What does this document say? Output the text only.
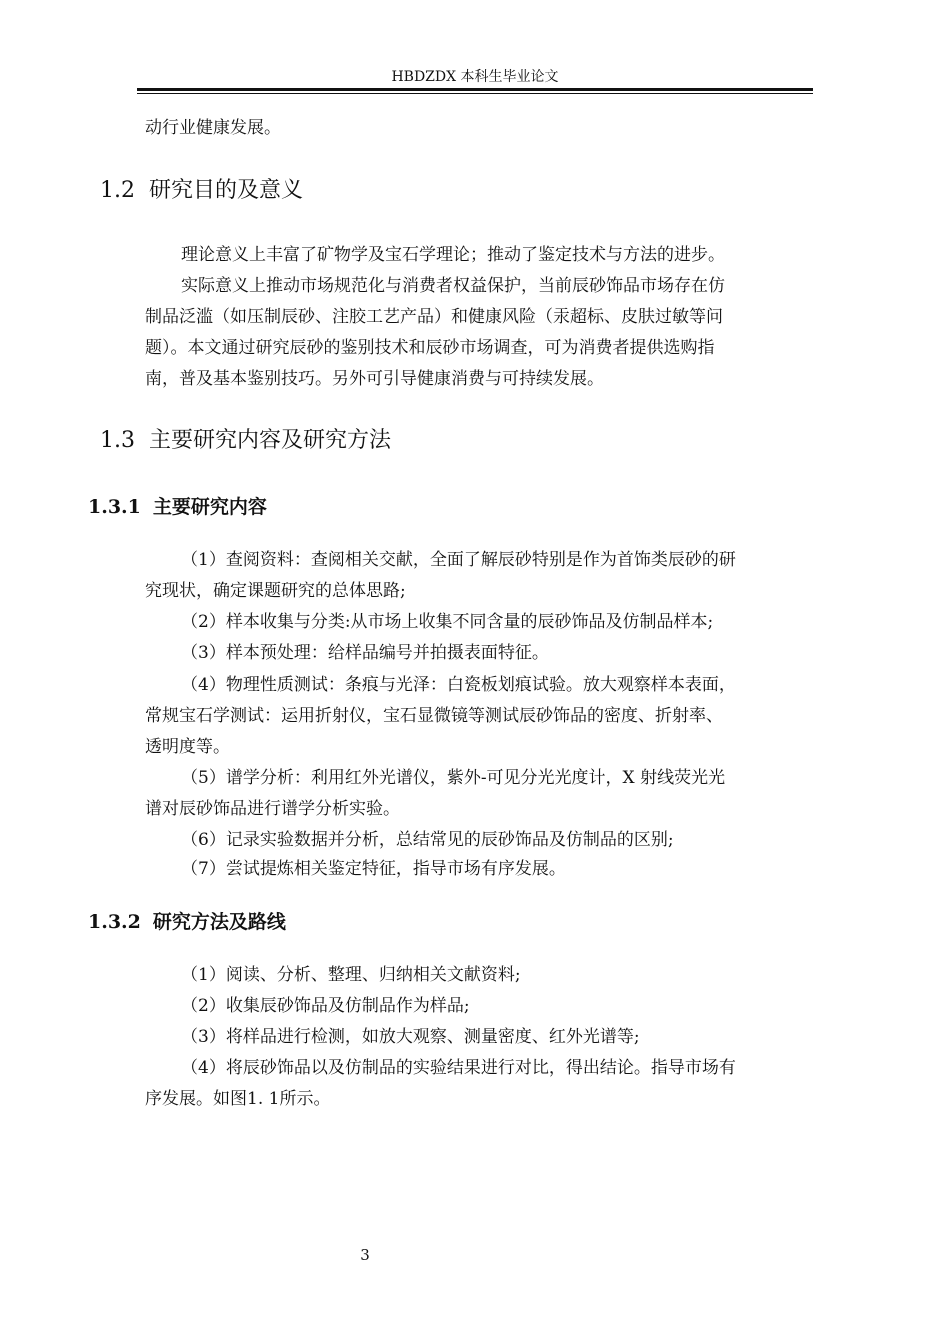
HBDZDX 本科生毕业论文
动行业健康发展。
1.2 研究目的及意义
理论意义上丰富了矿物学及宝石学理论；推动了鉴定技术与方法的进步。
实际意义上推动市场规范化与消费者权益保护，当前辰砂饰品市场存在仿
制品泛滥（如压制辰砂、注胶工艺产品）和健康风险（汞超标、皮肤过敏等问
题）。本文通过研究辰砂的鉴别技术和辰砂市场调查，可为消费者提供选购指
南，普及基本鉴别技巧。另外可引导健康消费与可持续发展。
1.3 主要研究内容及研究方法
1.3.1 主要研究内容
（1）查阅资料：查阅相关交献，全面了解辰砂特别是作为首饰类辰砂的研
究现状，确定课题研究的总体思路;
（2）样本收集与分类:从市场上收集不同含量的辰砂饰品及仿制品样本;
（3）样本预处理：给样品编号并拍摄表面特征。
（4）物理性质测试：条痕与光泽：白瓷板划痕试验。放大观察样本表面，
常规宝石学测试：运用折射仪，宝石显微镜等测试辰砂饰品的密度、折射率、
透明度等。
（5）谱学分析：利用红外光谱仪，紫外-可见分光光度计，X 射线荧光光
谱对辰砂饰品进行谱学分析实验。
（6）记录实验数据并分析，总结常见的辰砂饰品及仿制品的区别;
（7）尝试提炼相关鉴定特征，指导市场有序发展。
1.3.2 研究方法及路线
（1）阅读、分析、整理、归纳相关文献资料;
（2）收集辰砂饰品及仿制品作为样品;
（3）将样品进行检测，如放大观察、测量密度、红外光谱等;
（4）将辰砂饰品以及仿制品的实验结果进行对比，得出结论。指导市场有
序发展。如图1. 1所示。
3
